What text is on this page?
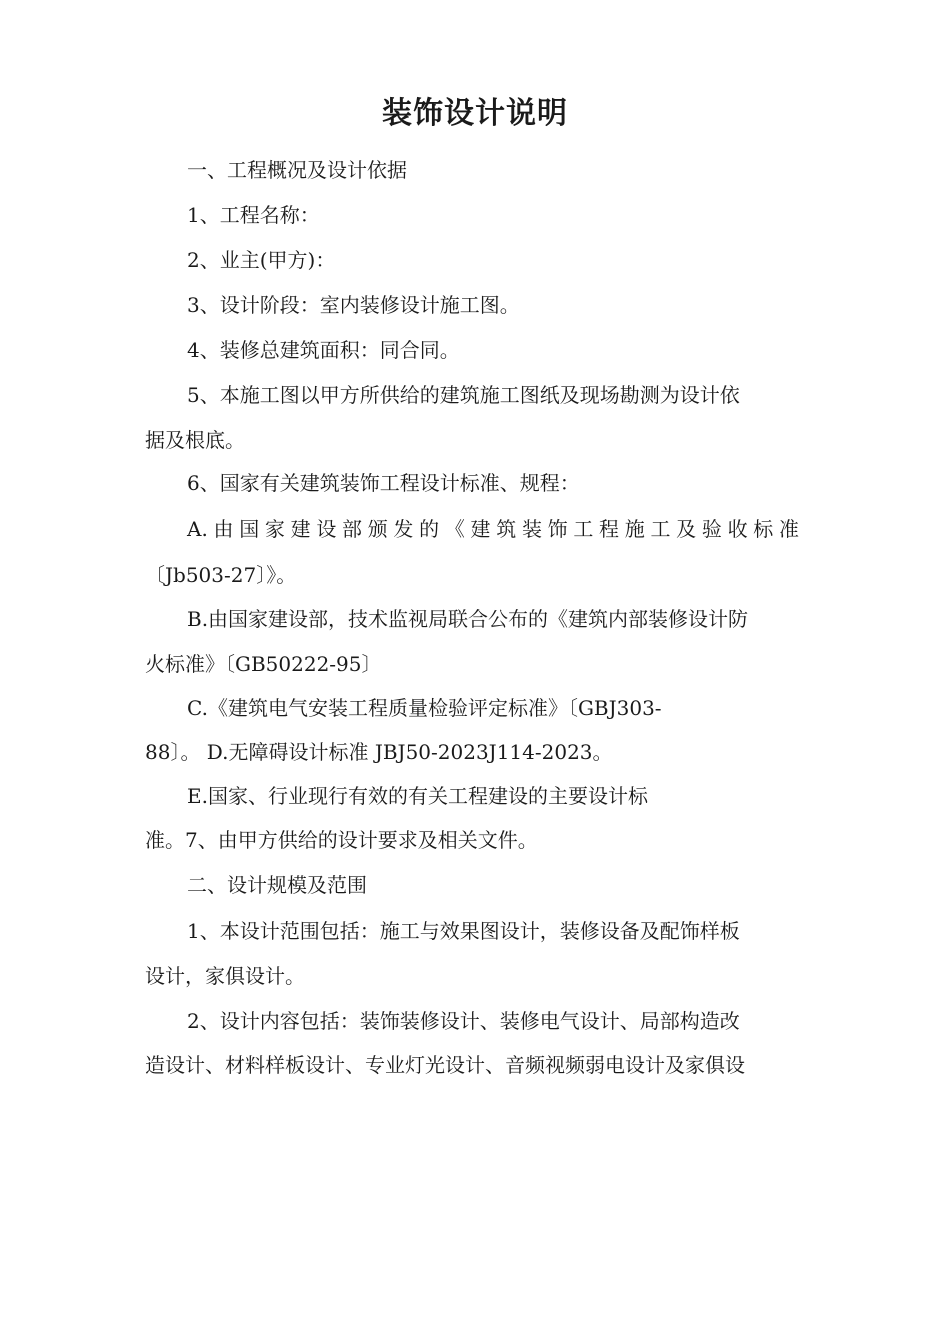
装饰设计说明
一、工程概况及设计依据
1、工程名称：
2、业主(甲方)：
3、设计阶段：室内装修设计施工图。
4、装修总建筑面积：同合同。
5、本施工图以甲方所供给的建筑施工图纸及现场勘测为设计依
据及根底。
6、国家有关建筑装饰工程设计标准、规程：
A.由国家建设部颁发的《建筑装饰工程施工及验收标准
〔Jb503-27〕》。
B.由国家建设部，技术监视局联合公布的《建筑内部装修设计防
火标准》〔GB50222-95〕
C.《建筑电气安装工程质量检验评定标准》〔GBJ303-
88〕。 D.无障碍设计标准 JBJ50-2023J114-2023。
E.国家、行业现行有效的有关工程建设的主要设计标
准。7、由甲方供给的设计要求及相关文件。
二、设计规模及范围
1、本设计范围包括：施工与效果图设计，装修设备及配饰样板
设计，家俱设计。
2、设计内容包括：装饰装修设计、装修电气设计、局部构造改
造设计、材料样板设计、专业灯光设计、音频视频弱电设计及家俱设
